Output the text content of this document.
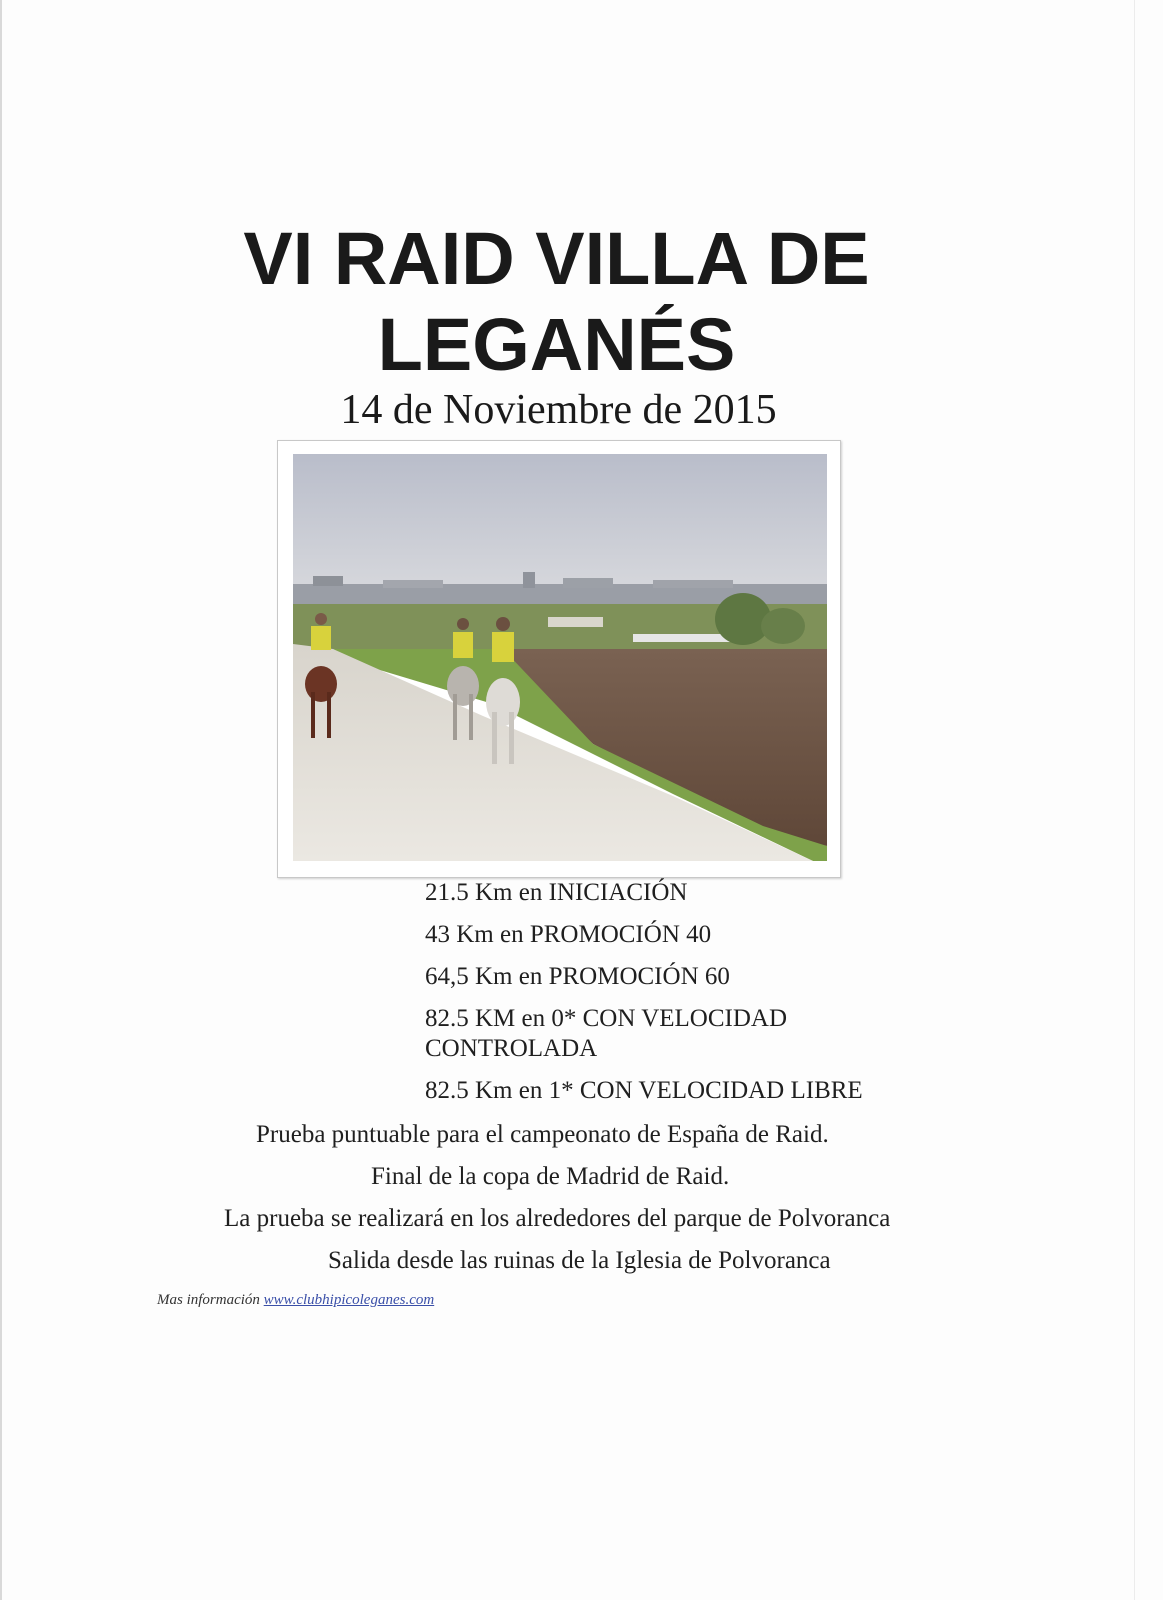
VI RAID VILLA DE
LEGANÉS
14 de Noviembre de 2015
21.5 Km en INICIACIÓN
43 Km en PROMOCIÓN 40
64,5 Km en PROMOCIÓN 60
82.5 KM en 0* CON VELOCIDAD CONTROLADA
82.5 Km en 1* CON VELOCIDAD LIBRE
Prueba puntuable para el campeonato de España de Raid.
Final de la copa de Madrid de Raid.
La prueba se realizará en los alrededores del parque de Polvoranca
Salida desde las ruinas de la Iglesia de Polvoranca
Mas información www.clubhipicoleganes.com
